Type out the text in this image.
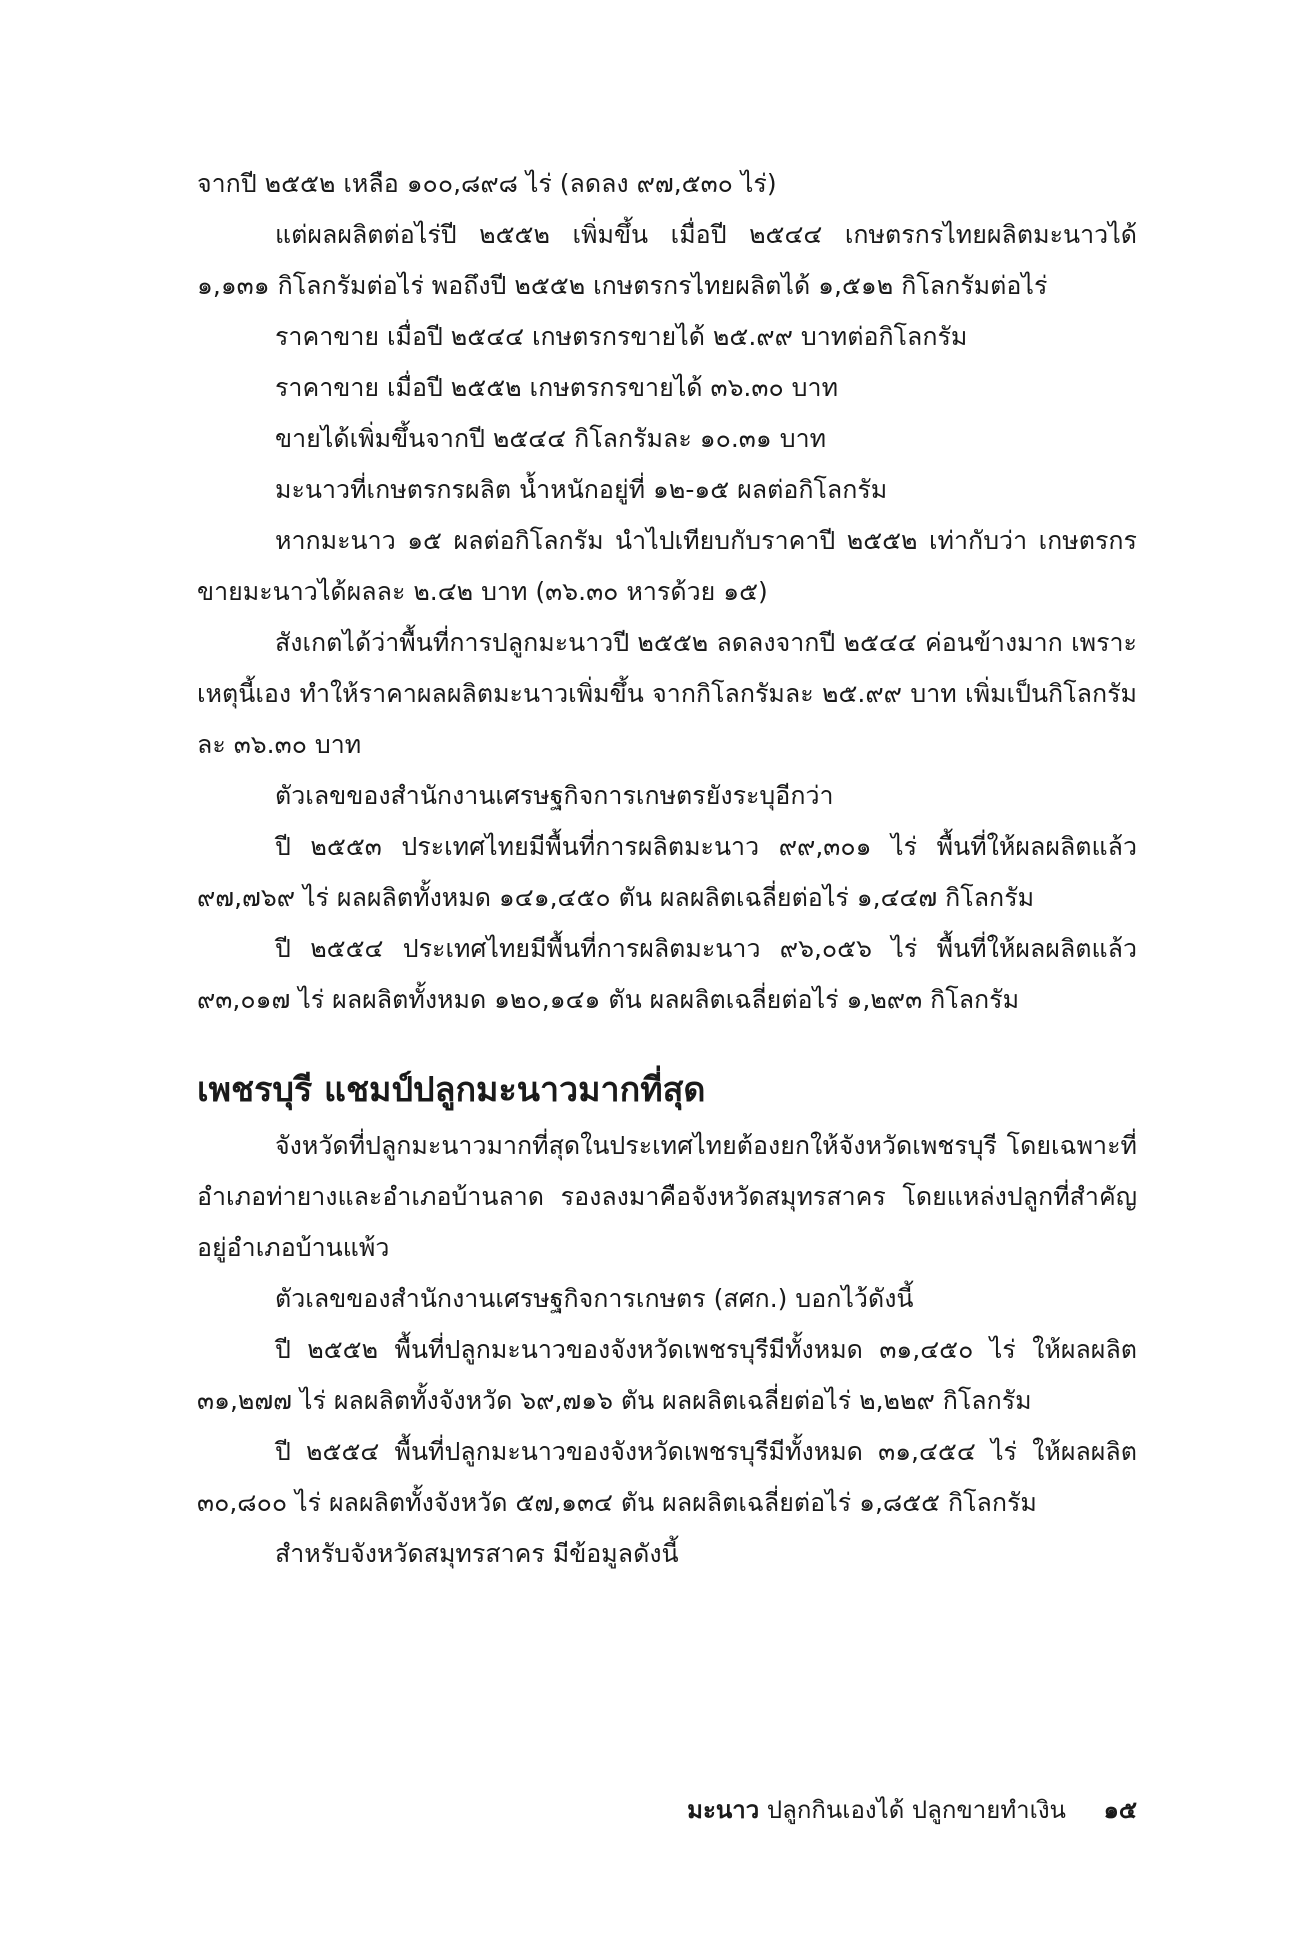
จากปี ๒๕๕๒ เหลือ ๑๐๐,๘๙๘ ไร่ (ลดลง ๙๗,๕๓๐ ไร่)

แต่ผลผลิตต่อไร่ปี ๒๕๕๒ เพิ่มขึ้น เมื่อปี ๒๕๔๔ เกษตรกรไทยผลิตมะนาวได้ ๑,๑๓๑ กิโลกรัมต่อไร่ พอถึงปี ๒๕๕๒ เกษตรกรไทยผลิตได้ ๑,๕๑๒ กิโลกรัมต่อไร่

ราคาขาย เมื่อปี ๒๕๔๔ เกษตรกรขายได้ ๒๕.๙๙ บาทต่อกิโลกรัม

ราคาขาย เมื่อปี ๒๕๕๒ เกษตรกรขายได้ ๓๖.๓๐ บาท

ขายได้เพิ่มขึ้นจากปี ๒๕๔๔ กิโลกรัมละ ๑๐.๓๑ บาท

มะนาวที่เกษตรกรผลิต น้ำหนักอยู่ที่ ๑๒-๑๕ ผลต่อกิโลกรัม

หากมะนาว ๑๕ ผลต่อกิโลกรัม นำไปเทียบกับราคาปี ๒๕๕๒ เท่ากับว่า เกษตรกรขายมะนาวได้ผลละ ๒.๔๒ บาท (๓๖.๓๐ หารด้วย ๑๕)

สังเกตได้ว่าพื้นที่การปลูกมะนาวปี ๒๕๕๒ ลดลงจากปี ๒๕๔๔ ค่อนข้างมาก เพราะเหตุนี้เอง ทำให้ราคาผลผลิตมะนาวเพิ่มขึ้น จากกิโลกรัมละ ๒๕.๙๙ บาท เพิ่มเป็นกิโลกรัมละ ๓๖.๓๐ บาท

ตัวเลขของสำนักงานเศรษฐกิจการเกษตรยังระบุอีกว่า

ปี ๒๕๕๓ ประเทศไทยมีพื้นที่การผลิตมะนาว ๙๙,๓๐๑ ไร่ พื้นที่ให้ผลผลิตแล้ว ๙๗,๗๖๙ ไร่ ผลผลิตทั้งหมด ๑๔๑,๔๕๐ ตัน ผลผลิตเฉลี่ยต่อไร่ ๑,๔๔๗ กิโลกรัม

ปี ๒๕๕๔ ประเทศไทยมีพื้นที่การผลิตมะนาว ๙๖,๐๕๖ ไร่ พื้นที่ให้ผลผลิตแล้ว ๙๓,๐๑๗ ไร่ ผลผลิตทั้งหมด ๑๒๐,๑๔๑ ตัน ผลผลิตเฉลี่ยต่อไร่ ๑,๒๙๓ กิโลกรัม

เพชรบุรี แชมป์ปลูกมะนาวมากที่สุด

จังหวัดที่ปลูกมะนาวมากที่สุดในประเทศไทยต้องยกให้จังหวัดเพชรบุรี โดยเฉพาะที่อำเภอท่ายางและอำเภอบ้านลาด รองลงมาคือจังหวัดสมุทรสาคร โดยแหล่งปลูกที่สำคัญอยู่อำเภอบ้านแพ้ว

ตัวเลขของสำนักงานเศรษฐกิจการเกษตร (สศก.) บอกไว้ดังนี้

ปี ๒๕๕๒ พื้นที่ปลูกมะนาวของจังหวัดเพชรบุรีมีทั้งหมด ๓๑,๔๕๐ ไร่ ให้ผลผลิต ๓๑,๒๗๗ ไร่ ผลผลิตทั้งจังหวัด ๖๙,๗๑๖ ตัน ผลผลิตเฉลี่ยต่อไร่ ๒,๒๒๙ กิโลกรัม

ปี ๒๕๕๔ พื้นที่ปลูกมะนาวของจังหวัดเพชรบุรีมีทั้งหมด ๓๑,๔๕๔ ไร่ ให้ผลผลิต ๓๐,๘๐๐ ไร่ ผลผลิตทั้งจังหวัด ๕๗,๑๓๔ ตัน ผลผลิตเฉลี่ยต่อไร่ ๑,๘๕๕ กิโลกรัม

สำหรับจังหวัดสมุทรสาคร มีข้อมูลดังนี้

มะนาว ปลูกกินเองได้ ปลูกขายทำเงิน ๑๕
